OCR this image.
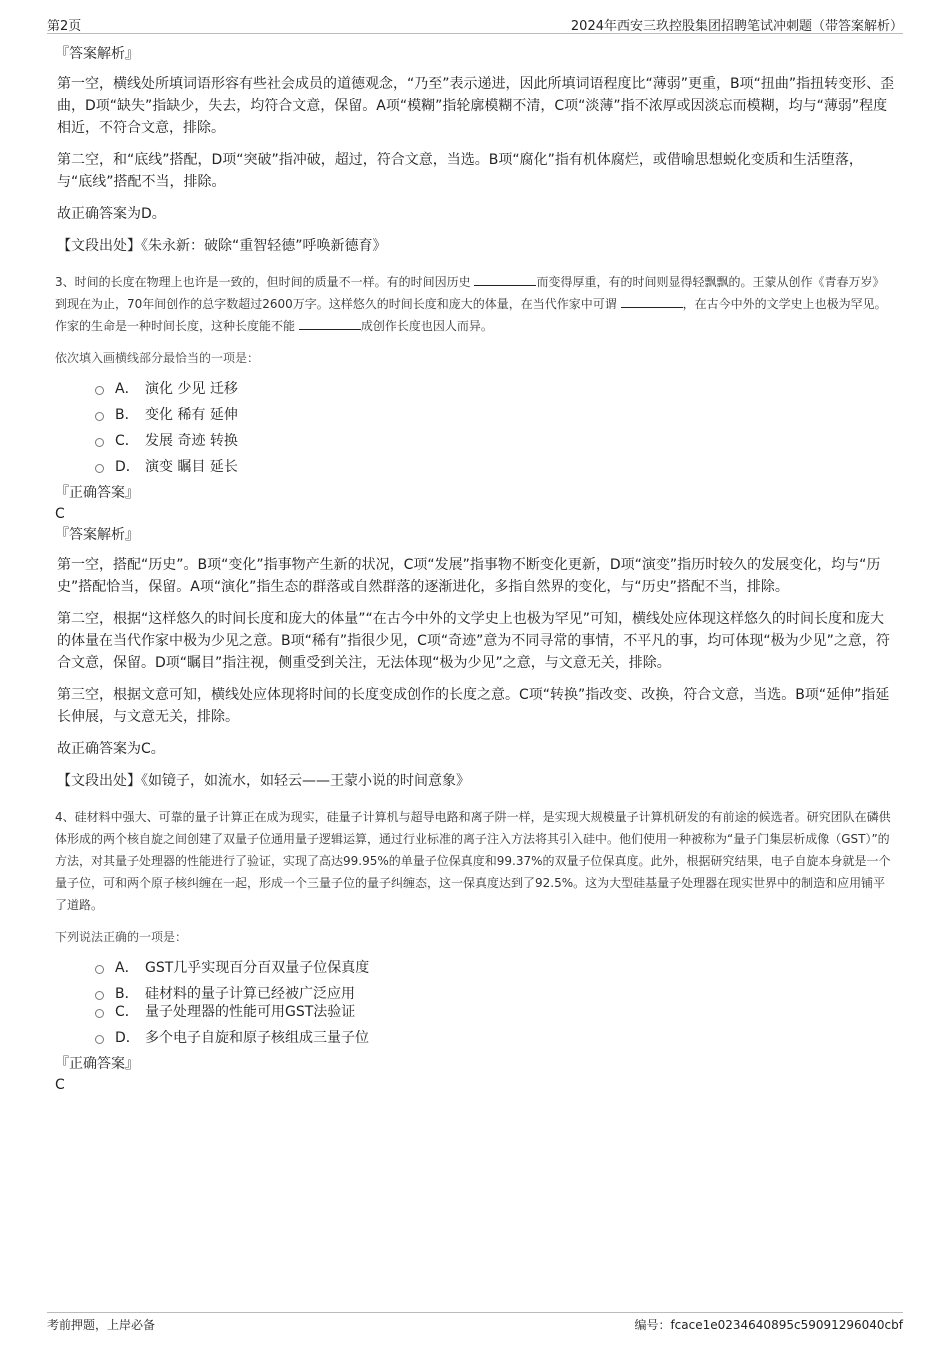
第2页	2024年西安三玖控股集团招聘笔试冲刺题（带答案解析）

『答案解析』

第一空，横线处所填词语形容有些社会成员的道德观念，“乃至”表示递进，因此所填词语程度比“薄弱”更重，B项“扭曲”指扭转变形、歪曲，D项“缺失”指缺少，失去，均符合文意，保留。A项“模糊”指轮廓模糊不清，C项“淡薄”指不浓厚或因淡忘而模糊，均与“薄弱”程度相近，不符合文意，排除。

第二空，和“底线”搭配，D项“突破”指冲破，超过，符合文意，当选。B项“腐化”指有机体腐烂，或借喻思想蜕化变质和生活堕落，与“底线”搭配不当，排除。

故正确答案为D。

【文段出处】《朱永新：破除“重智轻德”呼唤新德育》

3、时间的长度在物理上也许是一致的，但时间的质量不一样。有的时间因历史	而变得厚重，有的时间则显得轻飘飘的。王蒙从创作《青春万岁》到现在为止，70年间创作的总字数超过2600万字。这样悠久的时间长度和庞大的体量，在当代作家中可谓	，在古今中外的文学史上也极为罕见。作家的生命是一种时间长度，这种长度能不能	成创作长度也因人而异。

依次填入画横线部分最恰当的一项是：

A． 演化 少见 迁移
B． 变化 稀有 延伸
C． 发展 奇迹 转换
D． 演变 瞩目 延长

『正确答案』

C

『答案解析』

第一空，搭配“历史”。B项“变化”指事物产生新的状况，C项“发展”指事物不断变化更新，D项“演变”指历时较久的发展变化，均与“历史”搭配恰当，保留。A项“演化”指生态的群落或自然群落的逐渐进化，多指自然界的变化，与“历史”搭配不当，排除。

第二空，根据“这样悠久的时间长度和庞大的体量”“在古今中外的文学史上也极为罕见”可知，横线处应体现这样悠久的时间长度和庞大的体量在当代作家中极为少见之意。B项“稀有”指很少见，C项“奇迹”意为不同寻常的事情，不平凡的事，均可体现“极为少见”之意，符合文意，保留。D项“瞩目”指注视，侧重受到关注，无法体现“极为少见”之意，与文意无关，排除。

第三空，根据文意可知，横线处应体现将时间的长度变成创作的长度之意。C项“转换”指改变、改换，符合文意，当选。B项“延伸”指延长伸展，与文意无关，排除。

故正确答案为C。

【文段出处】《如镜子，如流水，如轻云——王蒙小说的时间意象》

4、硅材料中强大、可靠的量子计算正在成为现实，硅量子计算机与超导电路和离子阱一样，是实现大规模量子计算机研发的有前途的候选者。研究团队在磷供体形成的两个核自旋之间创建了双量子位通用量子逻辑运算，通过行业标准的离子注入方法将其引入硅中。他们使用一种被称为“量子门集层析成像（GST）”的方法，对其量子处理器的性能进行了验证，实现了高达99.95%的单量子位保真度和99.37%的双量子位保真度。此外，根据研究结果，电子自旋本身就是一个量子位，可和两个原子核纠缠在一起，形成一个三量子位的量子纠缠态，这一保真度达到了92.5%。这为大型硅基量子处理器在现实世界中的制造和应用铺平了道路。

下列说法正确的一项是：

A． GST几乎实现百分百双量子位保真度
B． 硅材料的量子计算已经被广泛应用
C． 量子处理器的性能可用GST法验证
D． 多个电子自旋和原子核组成三量子位

『正确答案』

C

考前押题，上岸必备	编号：fcace1e0234640895c59091296040cbf
